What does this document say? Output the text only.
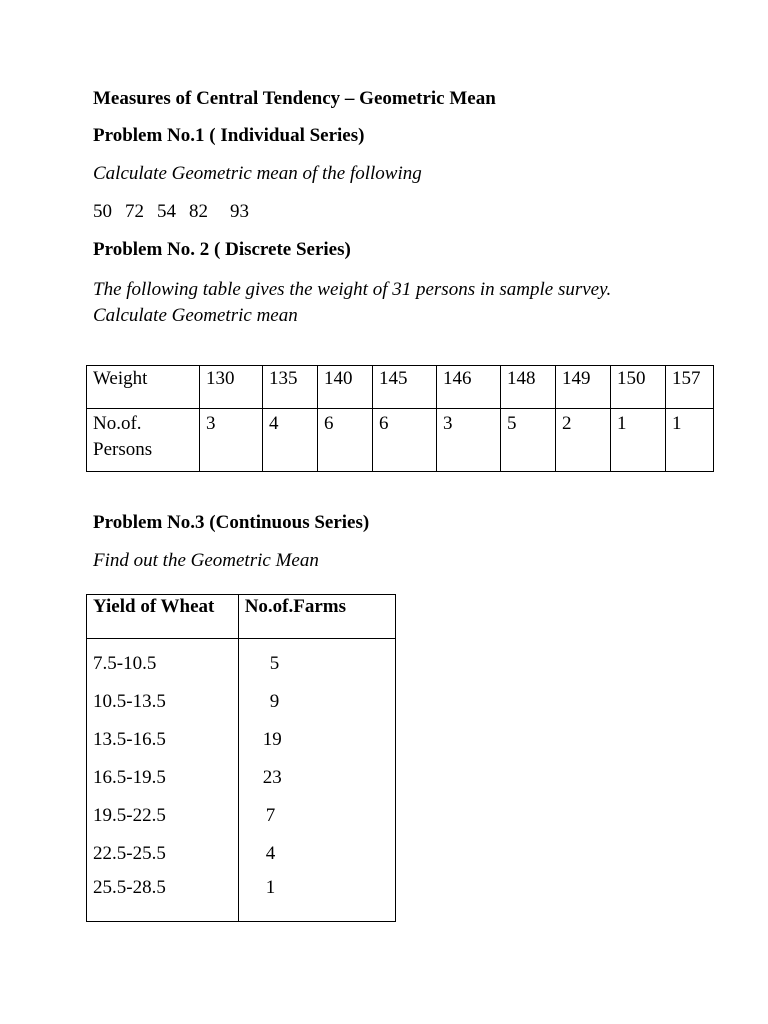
Measures of Central Tendency – Geometric Mean
Problem No.1 ( Individual Series)
Calculate Geometric mean of the following
50 72 54 82 93
Problem No. 2 ( Discrete Series)
The following table gives the weight of 31 persons in sample survey.
Calculate Geometric mean
Weight	130	135	140	145	146	148	149	150	157
No.of.
Persons	3	4	6	6	3	5	2	1	1
Problem No.3 (Continuous Series)
Find out the Geometric Mean
Yield of Wheat	No.of.Farms
7.5-10.5	5
10.5-13.5	9
13.5-16.5	19
16.5-19.5	23
19.5-22.5	7
22.5-25.5	4
25.5-28.5	1
